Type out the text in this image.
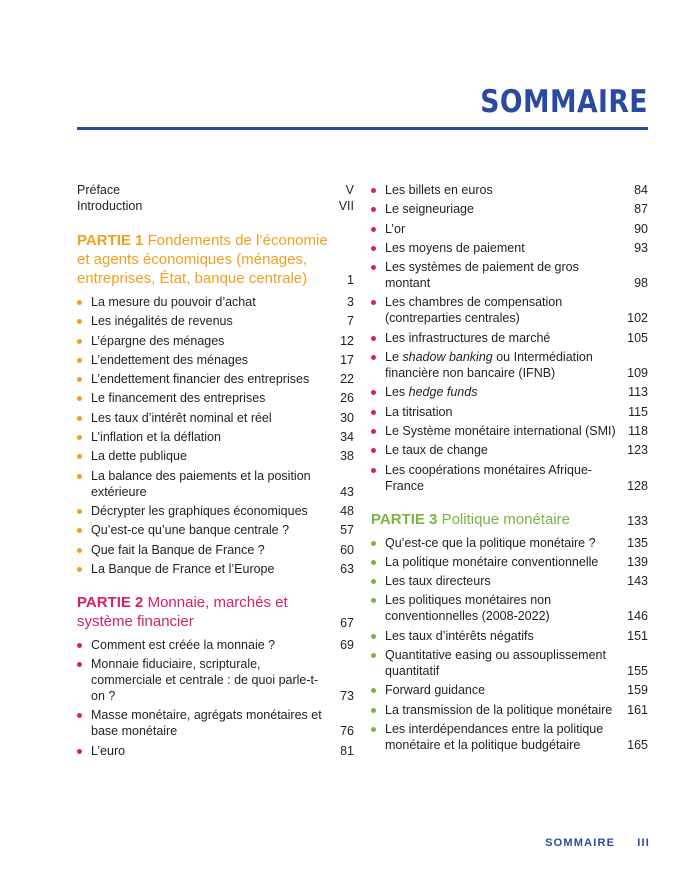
SOMMAIRE
Préface	V
Introduction	VII
PARTIE 1 Fondements de l’économie et agents économiques (ménages, entreprises, État, banque centrale)	1
La mesure du pouvoir d’achat	3
Les inégalités de revenus	7
L’épargne des ménages	12
L’endettement des ménages	17
L’endettement financier des entreprises	22
Le financement des entreprises	26
Les taux d’intérêt nominal et réel	30
L’inflation et la déflation	34
La dette publique	38
La balance des paiements et la position extérieure	43
Décrypter les graphiques économiques	48
Qu’est-ce qu’une banque centrale ?	57
Que fait la Banque de France ?	60
La Banque de France et l’Europe	63
PARTIE 2 Monnaie, marchés et système financier	67
Comment est créée la monnaie ?	69
Monnaie fiduciaire, scripturale, commerciale et centrale : de quoi parle-t-on ?	73
Masse monétaire, agrégats monétaires et base monétaire	76
L’euro	81
Les billets en euros	84
Le seigneuriage	87
L’or	90
Les moyens de paiement	93
Les systèmes de paiement de gros montant	98
Les chambres de compensation (contreparties centrales)	102
Les infrastructures de marché	105
Le shadow banking ou Intermédiation financière non bancaire (IFNB)	109
Les hedge funds	113
La titrisation	115
Le Système monétaire international (SMI) 118
Le taux de change	123
Les coopérations monétaires Afrique-France	128
PARTIE 3 Politique monétaire	133
Qu’est-ce que la politique monétaire ?	135
La politique monétaire conventionnelle	139
Les taux directeurs	143
Les politiques monétaires non conventionnelles (2008-2022)	146
Les taux d’intérêts négatifs	151
Quantitative easing ou assouplissement quantitatif	155
Forward guidance	159
La transmission de la politique monétaire	161
Les interdépendances entre la politique monétaire et la politique budgétaire	165
SOMMAIRE III
